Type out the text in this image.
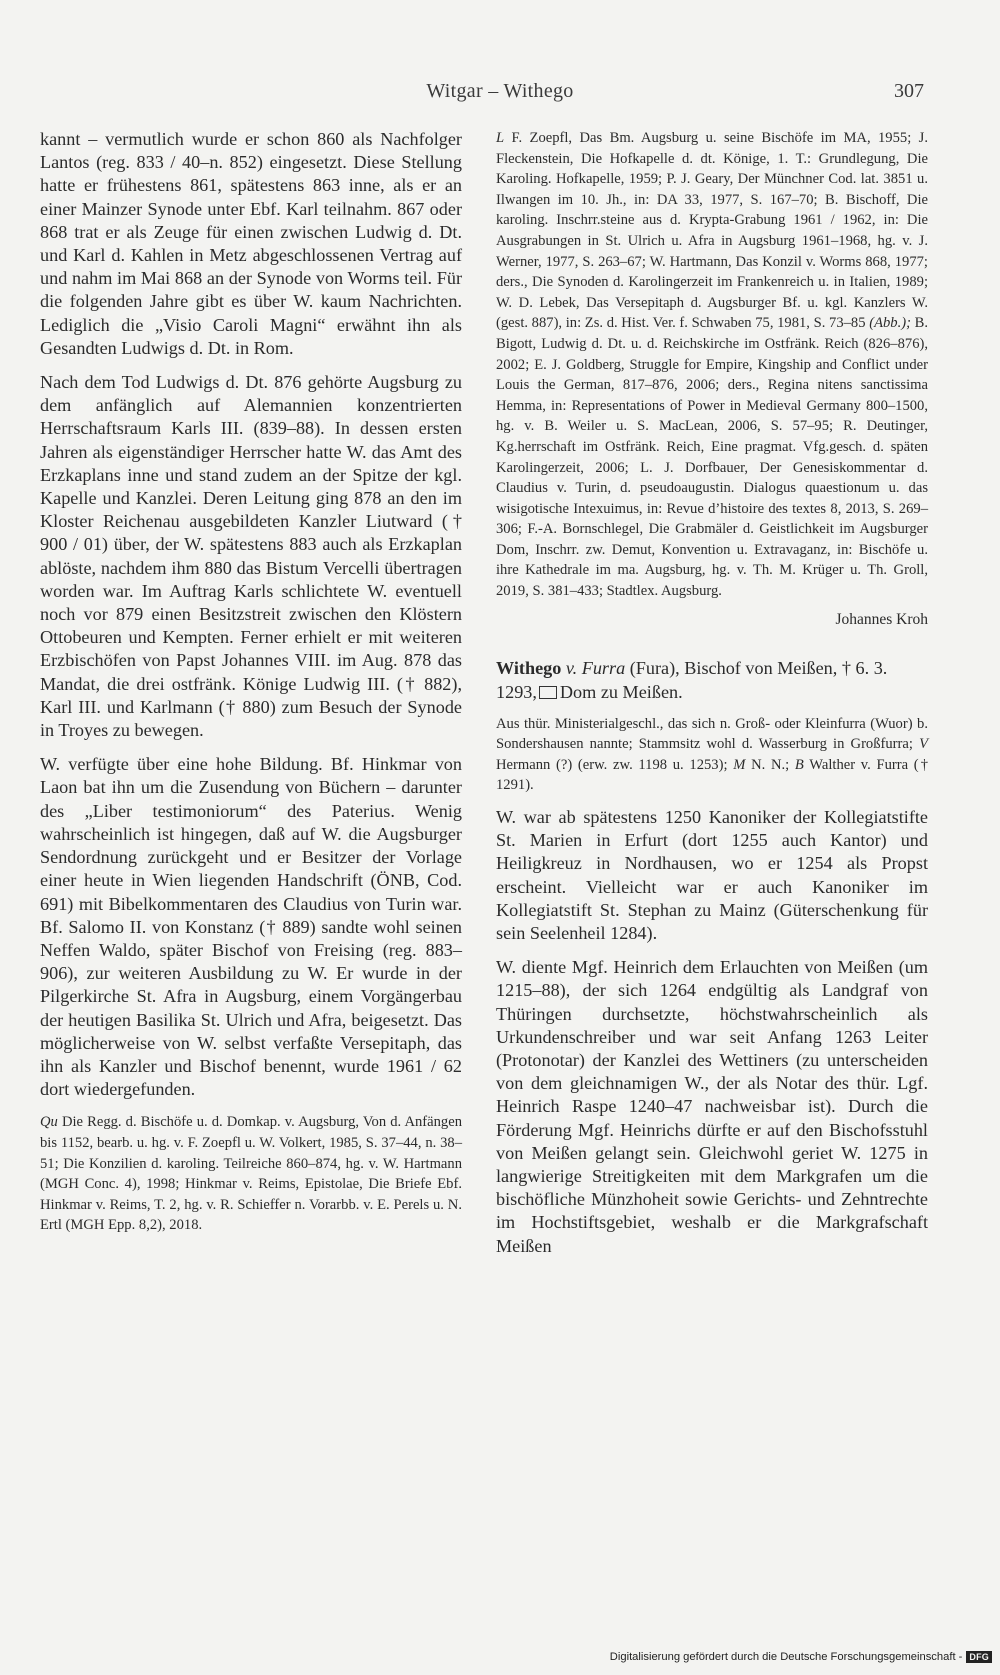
Witgar – Withego	307

kannt – vermutlich wurde er schon 860 als Nachfolger Lantos (reg. 833 / 40–n. 852) eingesetzt. Diese Stellung hatte er frühestens 861, spätestens 863 inne, als er an einer Mainzer Synode unter Ebf. Karl teilnahm. 867 oder 868 trat er als Zeuge für einen zwischen Ludwig d. Dt. und Karl d. Kahlen in Metz abgeschlossenen Vertrag auf und nahm im Mai 868 an der Synode von Worms teil. Für die folgenden Jahre gibt es über W. kaum Nachrichten. Lediglich die „Visio Caroli Magni“ erwähnt ihn als Gesandten Ludwigs d. Dt. in Rom.

Nach dem Tod Ludwigs d. Dt. 876 gehörte Augsburg zu dem anfänglich auf Alemannien konzentrierten Herrschaftsraum Karls III. (839–88). In dessen ersten Jahren als eigenständiger Herrscher hatte W. das Amt des Erzkaplans inne und stand zudem an der Spitze der kgl. Kapelle und Kanzlei. Deren Leitung ging 878 an den im Kloster Reichenau ausgebildeten Kanzler Liutward († 900 / 01) über, der W. spätestens 883 auch als Erzkaplan ablöste, nachdem ihm 880 das Bistum Vercelli übertragen worden war. Im Auftrag Karls schlichtete W. eventuell noch vor 879 einen Besitzstreit zwischen den Klöstern Ottobeuren und Kempten. Ferner erhielt er mit weiteren Erzbischöfen von Papst Johannes VIII. im Aug. 878 das Mandat, die drei ostfränk. Könige Ludwig III. († 882), Karl III. und Karlmann († 880) zum Besuch der Synode in Troyes zu bewegen.

W. verfügte über eine hohe Bildung. Bf. Hinkmar von Laon bat ihn um die Zusendung von Büchern – darunter des „Liber testimoniorum“ des Paterius. Wenig wahrscheinlich ist hingegen, daß auf W. die Augsburger Sendordnung zurückgeht und er Besitzer der Vorlage einer heute in Wien liegenden Handschrift (ÖNB, Cod. 691) mit Bibelkommentaren des Claudius von Turin war. Bf. Salomo II. von Konstanz († 889) sandte wohl seinen Neffen Waldo, später Bischof von Freising (reg. 883–906), zur weiteren Ausbildung zu W. Er wurde in der Pilgerkirche St. Afra in Augsburg, einem Vorgängerbau der heutigen Basilika St. Ulrich und Afra, beigesetzt. Das möglicherweise von W. selbst verfaßte Versepitaph, das ihn als Kanzler und Bischof benennt, wurde 1961 / 62 dort wiedergefunden.

Qu Die Regg. d. Bischöfe u. d. Domkap. v. Augsburg, Von d. Anfängen bis 1152, bearb. u. hg. v. F. Zoepfl u. W. Volkert, 1985, S. 37–44, n. 38–51; Die Konzilien d. karoling. Teilreiche 860–874, hg. v. W. Hartmann (MGH Conc. 4), 1998; Hinkmar v. Reims, Epistolae, Die Briefe Ebf. Hinkmar v. Reims, T. 2, hg. v. R. Schieffer n. Vorarbb. v. E. Perels u. N. Ertl (MGH Epp. 8,2), 2018.

L F. Zoepfl, Das Bm. Augsburg u. seine Bischöfe im MA, 1955; J. Fleckenstein, Die Hofkapelle d. dt. Könige, 1. T.: Grundlegung, Die Karoling. Hofkapelle, 1959; P. J. Geary, Der Münchner Cod. lat. 3851 u. Ilwangen im 10. Jh., in: DA 33, 1977, S. 167–70; B. Bischoff, Die karoling. Inschrr.steine aus d. Krypta-Grabung 1961 / 1962, in: Die Ausgrabungen in St. Ulrich u. Afra in Augsburg 1961–1968, hg. v. J. Werner, 1977, S. 263–67; W. Hartmann, Das Konzil v. Worms 868, 1977; ders., Die Synoden d. Karolingerzeit im Frankenreich u. in Italien, 1989; W. D. Lebek, Das Versepitaph d. Augsburger Bf. u. kgl. Kanzlers W. (gest. 887), in: Zs. d. Hist. Ver. f. Schwaben 75, 1981, S. 73–85 (Abb.); B. Bigott, Ludwig d. Dt. u. d. Reichskirche im Ostfränk. Reich (826–876), 2002; E. J. Goldberg, Struggle for Empire, Kingship and Conflict under Louis the German, 817–876, 2006; ders., Regina nitens sanctissima Hemma, in: Representations of Power in Medieval Germany 800–1500, hg. v. B. Weiler u. S. MacLean, 2006, S. 57–95; R. Deutinger, Kg.herrschaft im Ostfränk. Reich, Eine pragmat. Vfg.gesch. d. späten Karolingerzeit, 2006; L. J. Dorfbauer, Der Genesiskommentar d. Claudius v. Turin, d. pseudoaugustin. Dialogus quaestionum u. das wisigotische Intexuimus, in: Revue d’histoire des textes 8, 2013, S. 269–306; F.-A. Bornschlegel, Die Grabmäler d. Geistlichkeit im Augsburger Dom, Inschrr. zw. Demut, Konvention u. Extravaganz, in: Bischöfe u. ihre Kathedrale im ma. Augsburg, hg. v. Th. M. Krüger u. Th. Groll, 2019, S. 381–433; Stadtlex. Augsburg.

Johannes Kroh

Withego v. Furra (Fura), Bischof von Meißen, † 6. 3. 1293, Dom zu Meißen.

Aus thür. Ministerialgeschl., das sich n. Groß- oder Kleinfurra (Wuor) b. Sondershausen nannte; Stammsitz wohl d. Wasserburg in Großfurra; V Hermann (?) (erw. zw. 1198 u. 1253); M N. N.; B Walther v. Furra († 1291).

W. war ab spätestens 1250 Kanoniker der Kollegiatstifte St. Marien in Erfurt (dort 1255 auch Kantor) und Heiligkreuz in Nordhausen, wo er 1254 als Propst erscheint. Vielleicht war er auch Kanoniker im Kollegiatstift St. Stephan zu Mainz (Güterschenkung für sein Seelenheil 1284).

W. diente Mgf. Heinrich dem Erlauchten von Meißen (um 1215–88), der sich 1264 endgültig als Landgraf von Thüringen durchsetzte, höchstwahrscheinlich als Urkundenschreiber und war seit Anfang 1263 Leiter (Protonotar) der Kanzlei des Wettiners (zu unterscheiden von dem gleichnamigen W., der als Notar des thür. Lgf. Heinrich Raspe 1240–47 nachweisbar ist). Durch die Förderung Mgf. Heinrichs dürfte er auf den Bischofsstuhl von Meißen gelangt sein. Gleichwohl geriet W. 1275 in langwierige Streitigkeiten mit dem Markgrafen um die bischöfliche Münzhoheit sowie Gerichts- und Zehntrechte im Hochstiftsgebiet, weshalb er die Markgrafschaft Meißen

Digitalisierung gefördert durch die Deutsche Forschungsgemeinschaft - DFG
